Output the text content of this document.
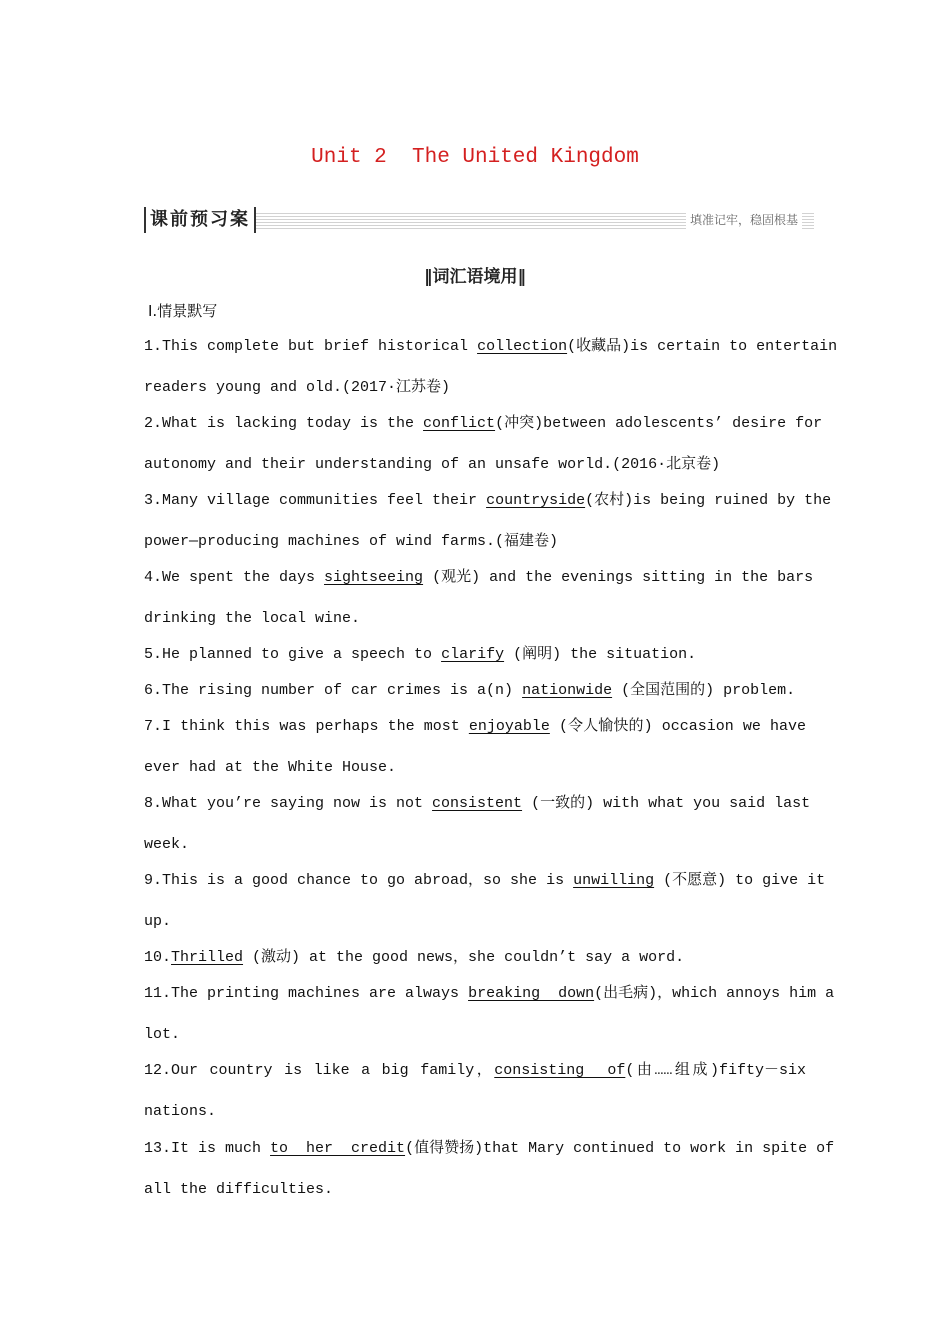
Unit 2  The United Kingdom
课前预习案	填准记牢，稳固根基
‖词汇语境用‖
Ⅰ.情景默写
1.This complete but brief historical collection(收藏品)is certain to entertain
readers young and old.(2017·江苏卷)
2.What is lacking today is the conflict(冲突)between adolescents’ desire for
autonomy and their understanding of an unsafe world.(2016·北京卷)
3.Many village communities feel their countryside(农村)is being ruined by the
power—producing machines of wind farms.(福建卷)
4.We spent the days sightseeing (观光) and the evenings sitting in the bars
drinking the local wine.
5.He planned to give a speech to clarify (阐明) the situation.
6.The rising number of car crimes is a(n) nationwide (全国范围的) problem.
7.I think this was perhaps the most enjoyable (令人愉快的) occasion we have
ever had at the White House.
8.What you’re saying now is not consistent (一致的) with what you said last
week.
9.This is a good chance to go abroad，so she is unwilling (不愿意) to give it
up.
10.Thrilled (激动) at the good news，she couldn’t say a word.
11.The printing machines are always breaking  down(出毛病)，which annoys him a
lot.
12.Our country is like a big family，consisting  of(由……组成)fifty－six
nations.
13.It is much to  her  credit(值得赞扬)that Mary continued to work in spite of
all the difficulties.
